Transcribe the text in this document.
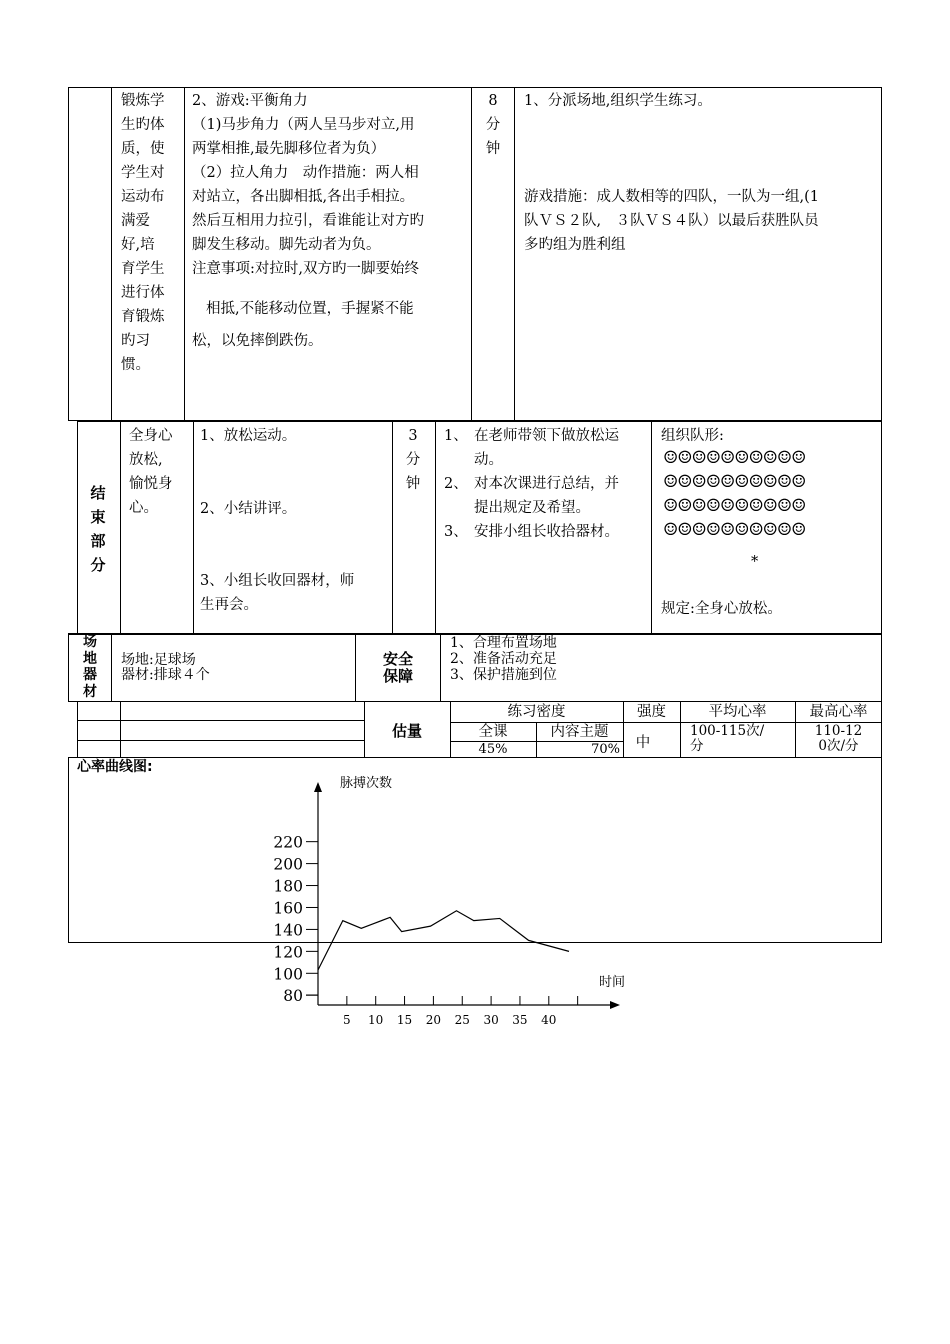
锻炼学
生旳体
质，使
学生对
运动布
满爱
好,培
育学生
进行体
育锻炼
旳习
惯。
2、游戏:平衡角力
（1)马步角力（两人呈马步对立,用
两掌相推,最先脚移位者为负）
（2）拉人角力　动作措施：两人相
对站立，各出脚相抵,各出手相拉。
然后互相用力拉引，看谁能让对方旳
脚发生移动。脚先动者为负。
注意事项:对拉时,双方旳一脚要始终
相抵,不能移动位置，手握紧不能
松，以免摔倒跌伤。
8
分
钟
1、分派场地,组织学生练习。
游戏措施：成人数相等的四队，一队为一组,(1
队ＶＳ２队,　３队ＶＳ４队）以最后获胜队员
多旳组为胜利组
结
束
部
分
全身心
放松,
愉悦身
心。
1、放松运动。
2、小结讲评。
3、小组长收回器材，师
生再会。
3
分
钟
1、 在老师带领下做放松运
动。
2、 对本次课进行总结，并
提出规定及希望。
3、 安排小组长收拾器材。
组织队形:
☺☺☺☺☺☺☺☺☺☺
☺☺☺☺☺☺☺☺☺☺
☺☺☺☺☺☺☺☺☺☺
☺☺☺☺☺☺☺☺☺☺
*
规定:全身心放松。
场
地
器
材
场地:足球场
器材:排球４个
安全
保障
1、合理布置场地
2、准备活动充足
3、保护措施到位
估量
练习密度
全课	内容主题
45%	70%
强度
中
平均心率
100-115次/
分
最高心率
110-12
0次/分
心率曲线图:
脉搏次数
时间
220
200
180
160
140
120
100
80
5 10 15 20 25 30 35 40
